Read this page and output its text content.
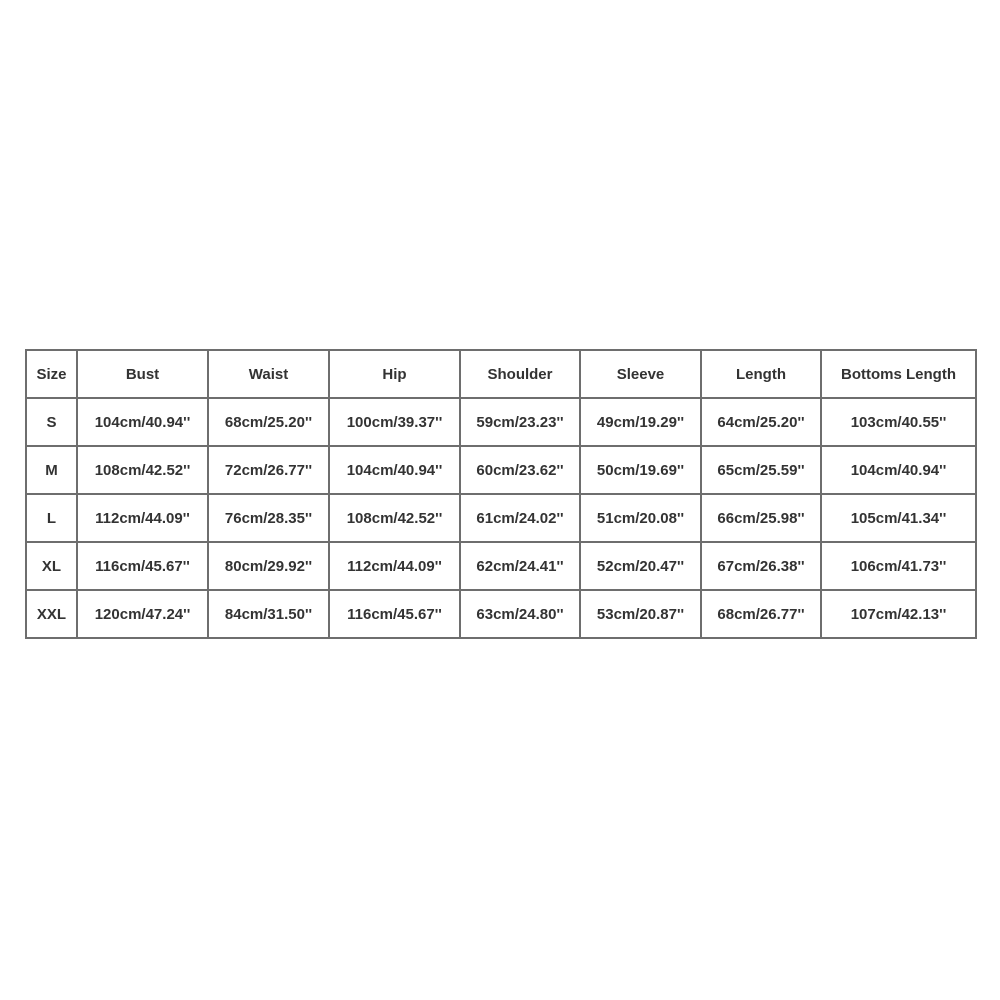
Size	Bust	Waist	Hip	Shoulder	Sleeve	Length	Bottoms Length
S	104cm/40.94''	68cm/25.20''	100cm/39.37''	59cm/23.23''	49cm/19.29''	64cm/25.20''	103cm/40.55''
M	108cm/42.52''	72cm/26.77''	104cm/40.94''	60cm/23.62''	50cm/19.69''	65cm/25.59''	104cm/40.94''
L	112cm/44.09''	76cm/28.35''	108cm/42.52''	61cm/24.02''	51cm/20.08''	66cm/25.98''	105cm/41.34''
XL	116cm/45.67''	80cm/29.92''	112cm/44.09''	62cm/24.41''	52cm/20.47''	67cm/26.38''	106cm/41.73''
XXL	120cm/47.24''	84cm/31.50''	116cm/45.67''	63cm/24.80''	53cm/20.87''	68cm/26.77''	107cm/42.13''
